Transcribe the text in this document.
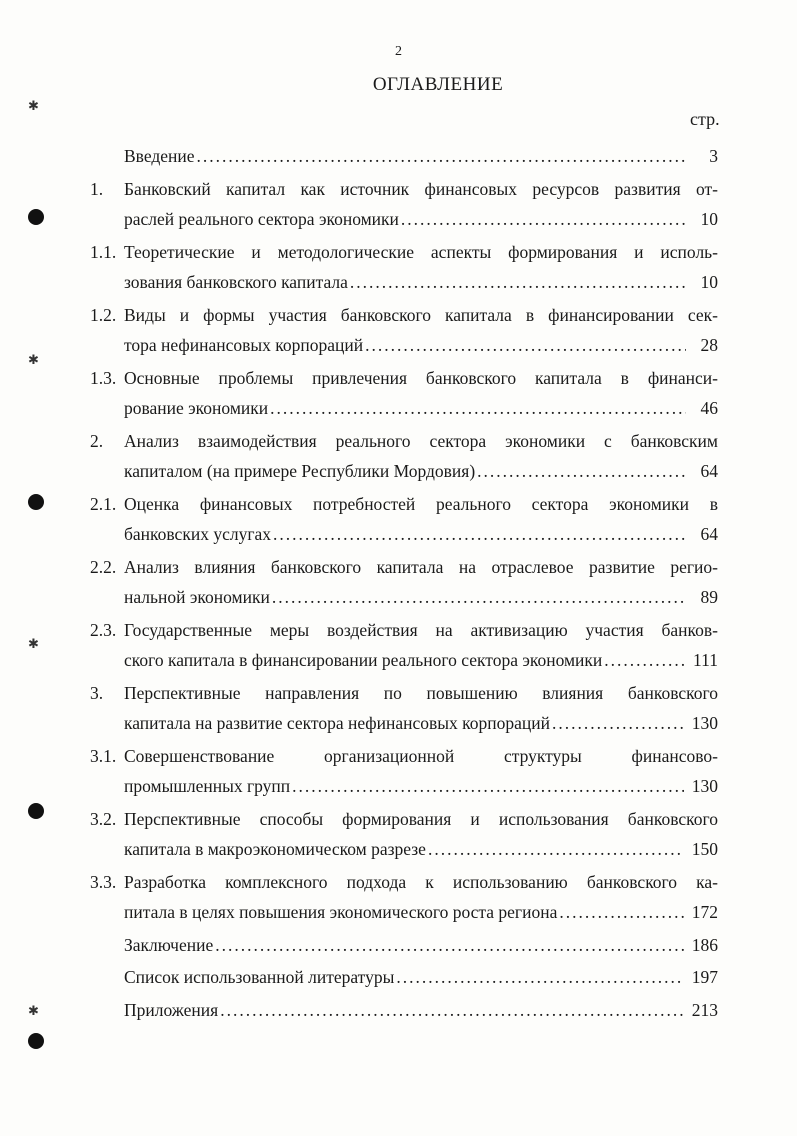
✱
✱
✱
✱
2
ОГЛАВЛЕНИЕ
стр.
Введение .....	3
1. Банковский капитал как источник финансовых ресурсов развития от-
раслей реального сектора экономики .....	10
1.1. Теоретические и методологические аспекты формирования и исполь-
зования банковского капитала .....	10
1.2. Виды и формы участия банковского капитала в финансировании сек-
тора нефинансовых корпораций .....	28
1.3. Основные проблемы привлечения банковского капитала в финанси-
рование экономики .....	46
2. Анализ взаимодействия реального сектора экономики с банковским
капиталом (на примере Республики Мордовия) .....	64
2.1. Оценка финансовых потребностей реального сектора экономики в
банковских услугах .....	64
2.2. Анализ влияния банковского капитала на отраслевое развитие регио-
нальной экономики .....	89
2.3. Государственные меры воздействия на активизацию участия банков-
ского капитала в финансировании реального сектора экономики .....	111
3. Перспективные направления по повышению влияния банковского
капитала на развитие сектора нефинансовых корпораций .....	130
3.1. Совершенствование организационной структуры финансово-
промышленных групп .....	130
3.2. Перспективные способы формирования и использования банковского
капитала в макроэкономическом разрезе .....	150
3.3. Разработка комплексного подхода к использованию банковского ка-
питала в целях повышения экономического роста региона .....	172
Заключение .....	186
Список использованной литературы .....	197
Приложения .....	213
